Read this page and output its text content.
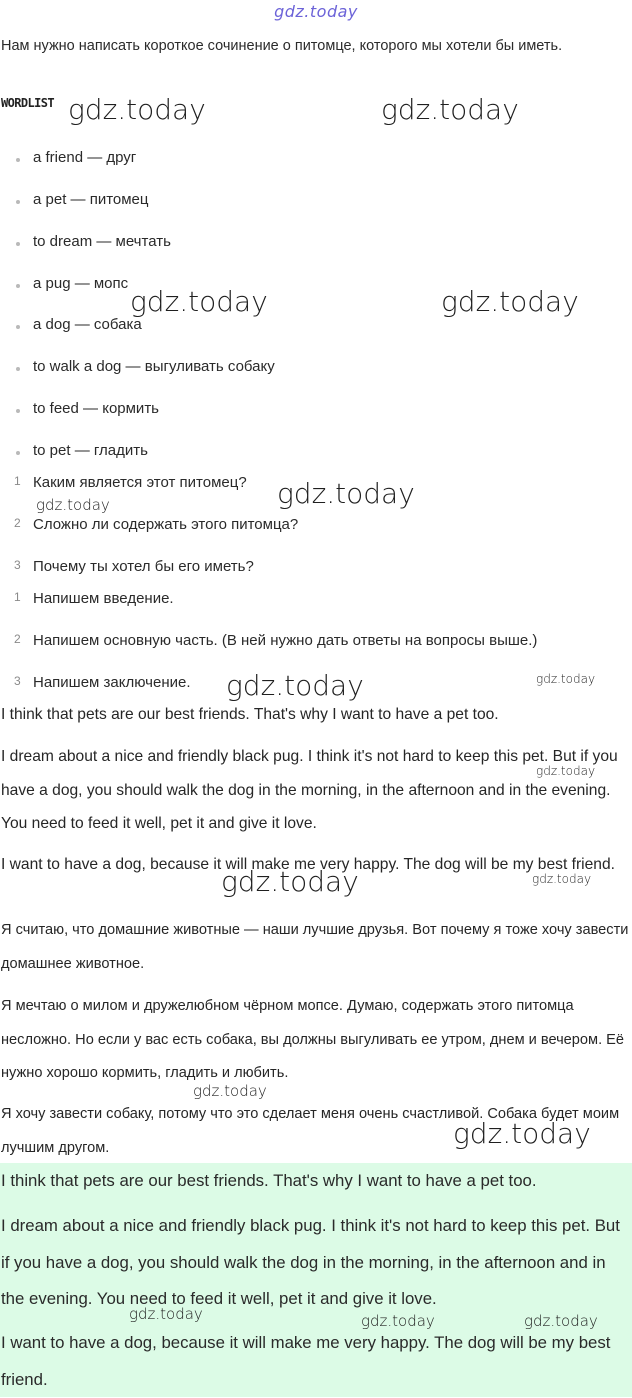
gdz.today
Нам нужно написать короткое сочинение о питомце, которого мы хотели бы иметь.
WORDLIST
a friend — друг
a pet — питомец
to dream — мечтать
a pug — мопс
a dog — собака
to walk a dog — выгуливать собаку
to feed — кормить
to pet — гладить
1 Каким является этот питомец?
2 Сложно ли содержать этого питомца?
3 Почему ты хотел бы его иметь?
1 Напишем введение.
2 Напишем основную часть. (В ней нужно дать ответы на вопросы выше.)
3 Напишем заключение.
I think that pets are our best friends. That's why I want to have a pet too.
I dream about a nice and friendly black pug. I think it's not hard to keep this pet. But if you have a dog, you should walk the dog in the morning, in the afternoon and in the evening. You need to feed it well, pet it and give it love.
I want to have a dog, because it will make me very happy. The dog will be my best friend.
Я считаю, что домашние животные — наши лучшие друзья. Вот почему я тоже хочу завести домашнее животное.
Я мечтаю о милом и дружелюбном чёрном мопсе. Думаю, содержать этого питомца несложно. Но если у вас есть собака, вы должны выгуливать ее утром, днем и вечером. Её нужно хорошо кормить, гладить и любить.
Я хочу завести собаку, потому что это сделает меня очень счастливой. Собака будет моим лучшим другом.
I think that pets are our best friends. That's why I want to have a pet too.
I dream about a nice and friendly black pug. I think it's not hard to keep this pet. But if you have a dog, you should walk the dog in the morning, in the afternoon and in the evening. You need to feed it well, pet it and give it love.
I want to have a dog, because it will make me very happy. The dog will be my best friend.
gdz.today	gdz.today
gdz.today	gdz.today
gdz.today
gdz.today
gdz.today	gdz.today
gdz.today
gdz.today	gdz.today
gdz.today
gdz.today
gdz.today	gdz.today	gdz.today
